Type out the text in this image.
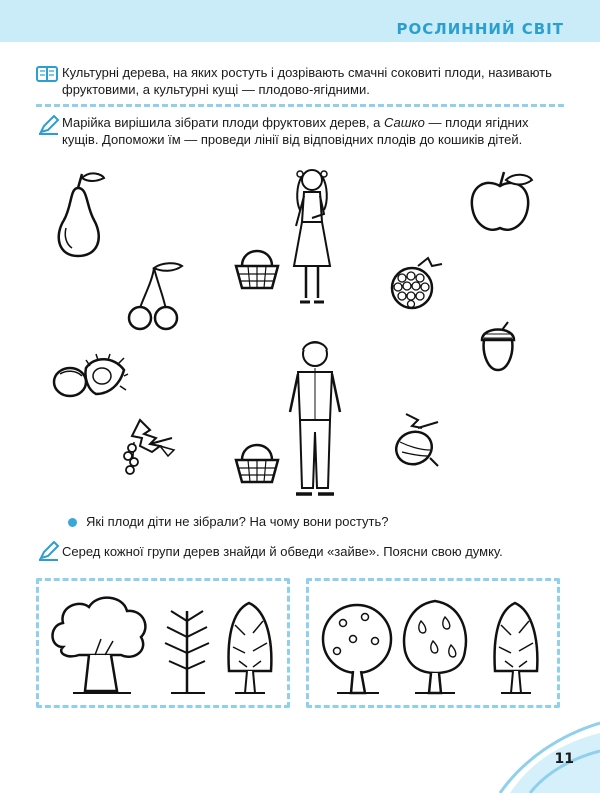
РОСЛИННИЙ СВІТ
Культурні дерева, на яких ростуть і дозрівають смачні соковиті плоди, називають фруктовими, а культурні кущі — плодово-ягідними.
Марійка вирішила зібрати плоди фруктових дерев, а Сашко — плоди ягідних кущів. Допоможи їм — проведи лінії від відповідних плодів до кошиків дітей.
Які плоди діти не зібрали? На чому вони ростуть?
Серед кожної групи дерев знайди й обведи «зайве». Поясни свою думку.
11
